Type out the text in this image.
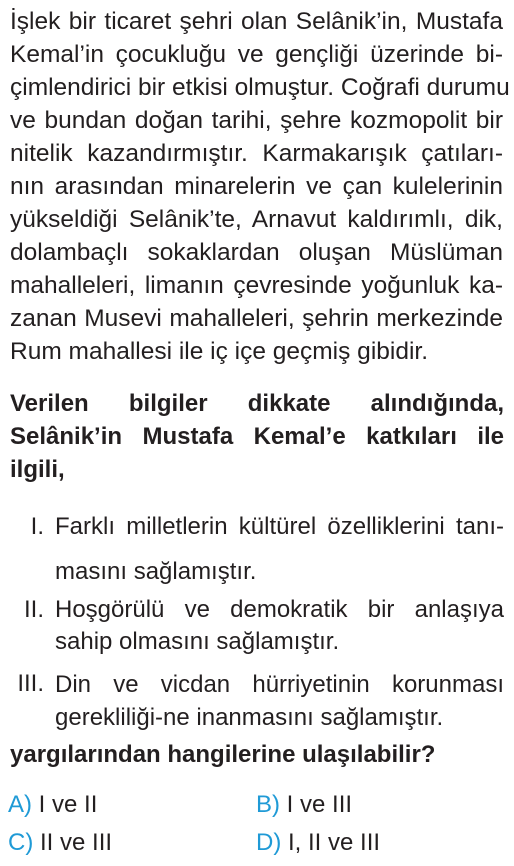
İşlek bir ticaret şehri olan Selânik’in, Mustafa
Kemal’in çocukluğu ve gençliği üzerinde bi-
çimlendirici bir etkisi olmuştur. Coğrafi durumu
ve bundan doğan tarihi, şehre kozmopolit bir
nitelik kazandırmıştır. Karmakarışık çatıları-
nın arasından minarelerin ve çan kulelerinin
yükseldiği Selânik’te, Arnavut kaldırımlı, dik,
dolambaçlı sokaklardan oluşan Müslüman
mahalleleri, limanın çevresinde yoğunluk ka-
zanan Musevi mahalleleri, şehrin merkezinde
Rum mahallesi ile iç içe geçmiş gibidir.
Verilen bilgiler dikkate alındığında,
Selânik’in Mustafa Kemal’e katkıları ile
ilgili,
I. Farklı milletlerin kültürel özelliklerini tanı-
masını sağlamıştır.
II. Hoşgörülü ve demokratik bir anlaşıya
sahip olmasını sağlamıştır.
III. Din ve vicdan hürriyetinin korunması
gerekliliği-ne inanmasını sağlamıştır.
yargılarından hangilerine ulaşılabilir?
A) I ve II	B) I ve III
C) II ve III	D) I, II ve III
